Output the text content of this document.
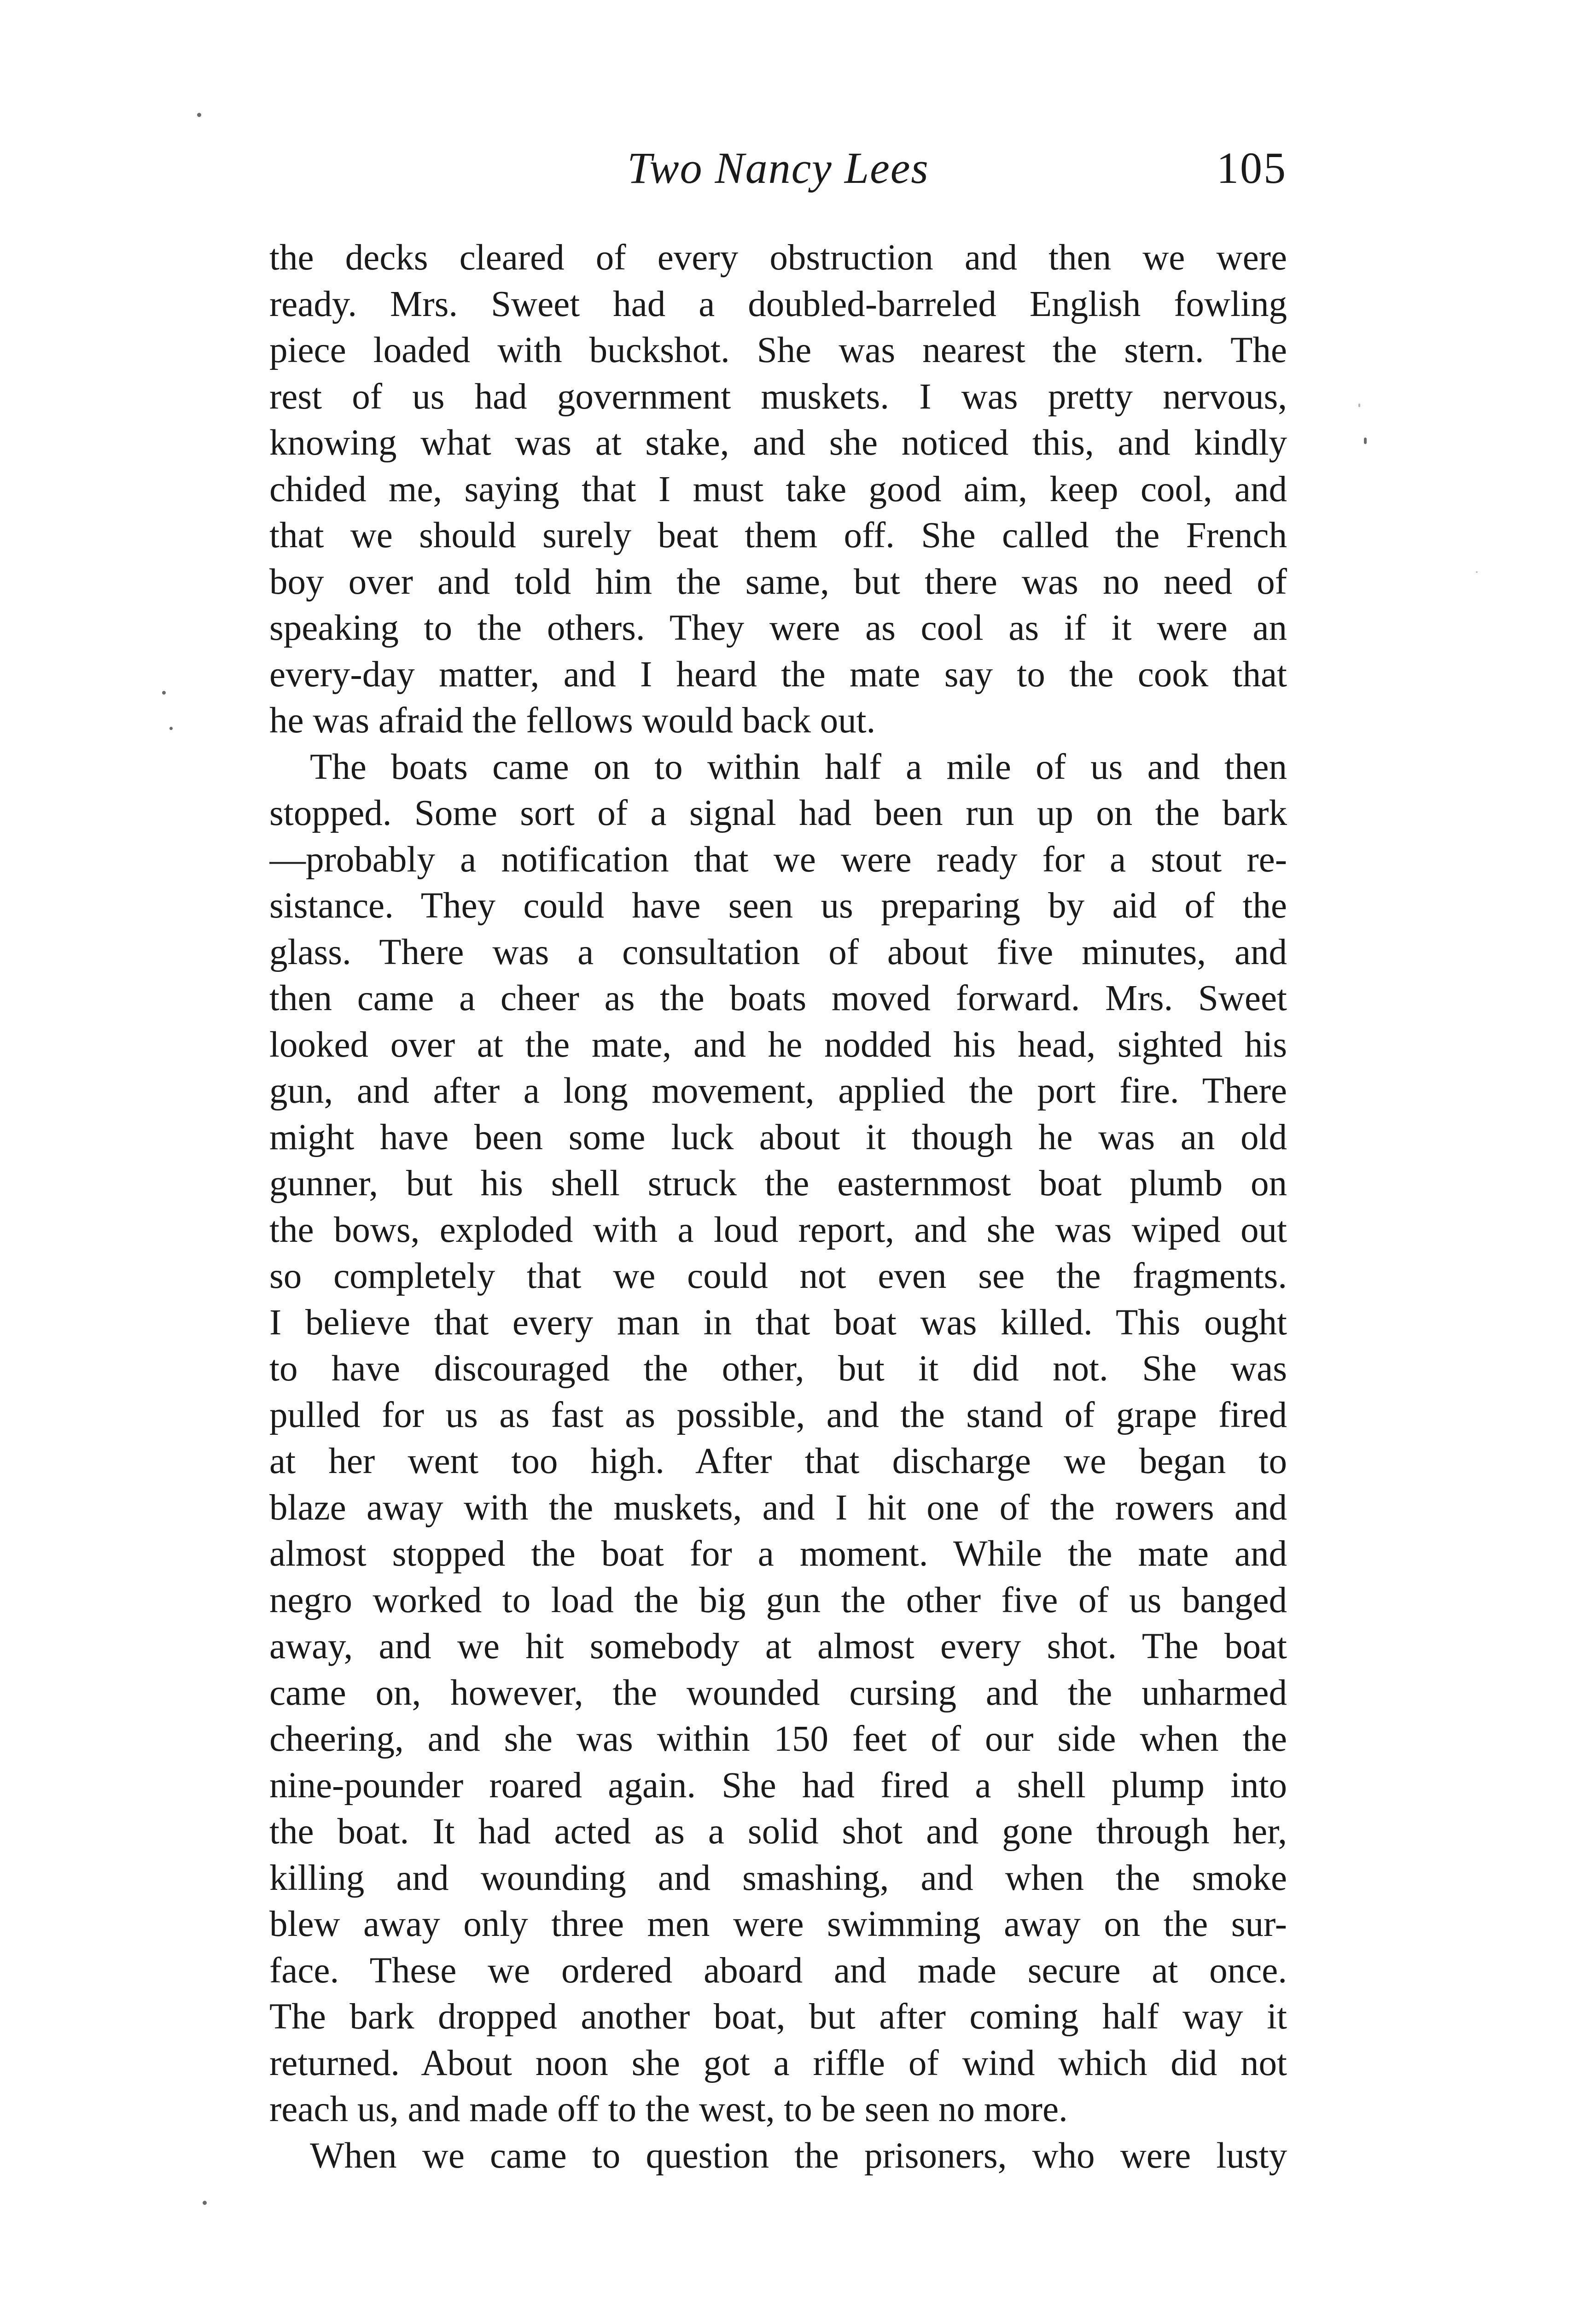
Two Nancy Lees	105
the decks cleared of every obstruction and then we were
ready. Mrs. Sweet had a doubled-barreled English fowling
piece loaded with buckshot. She was nearest the stern. The
rest of us had government muskets. I was pretty nervous,
knowing what was at stake, and she noticed this, and kindly
chided me, saying that I must take good aim, keep cool, and
that we should surely beat them off. She called the French
boy over and told him the same, but there was no need of
speaking to the others. They were as cool as if it were an
every-day matter, and I heard the mate say to the cook that
he was afraid the fellows would back out.
The boats came on to within half a mile of us and then
stopped. Some sort of a signal had been run up on the bark
—probably a notification that we were ready for a stout re-
sistance. They could have seen us preparing by aid of the
glass. There was a consultation of about five minutes, and
then came a cheer as the boats moved forward. Mrs. Sweet
looked over at the mate, and he nodded his head, sighted his
gun, and after a long movement, applied the port fire. There
might have been some luck about it though he was an old
gunner, but his shell struck the easternmost boat plumb on
the bows, exploded with a loud report, and she was wiped out
so completely that we could not even see the fragments.
I believe that every man in that boat was killed. This ought
to have discouraged the other, but it did not. She was
pulled for us as fast as possible, and the stand of grape fired
at her went too high. After that discharge we began to
blaze away with the muskets, and I hit one of the rowers and
almost stopped the boat for a moment. While the mate and
negro worked to load the big gun the other five of us banged
away, and we hit somebody at almost every shot. The boat
came on, however, the wounded cursing and the unharmed
cheering, and she was within 150 feet of our side when the
nine-pounder roared again. She had fired a shell plump into
the boat. It had acted as a solid shot and gone through her,
killing and wounding and smashing, and when the smoke
blew away only three men were swimming away on the sur-
face. These we ordered aboard and made secure at once.
The bark dropped another boat, but after coming half way it
returned. About noon she got a riffle of wind which did not
reach us, and made off to the west, to be seen no more.
When we came to question the prisoners, who were lusty
